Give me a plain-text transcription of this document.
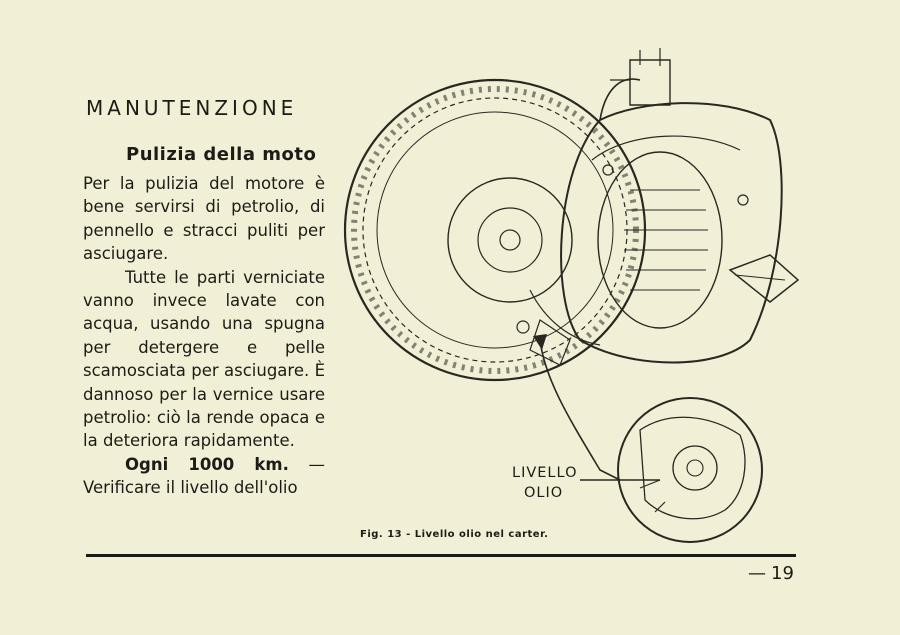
MANUTENZIONE
Pulizia della moto

Per la pulizia del motore è bene servirsi di petrolio, di pennello e stracci puliti per asciugare.

Tutte le parti verniciate vanno invece lavate con acqua, usando una spugna per detergere e pelle scamosciata per asciugare. È dannoso per la vernice usare petrolio: ciò la rende opaca e la deteriora rapidamente.

Ogni 1000 km. — Verificare il livello dell'olio

LIVELLO
OLIO
Fig. 13 - Livello olio nel carter.
— 19
